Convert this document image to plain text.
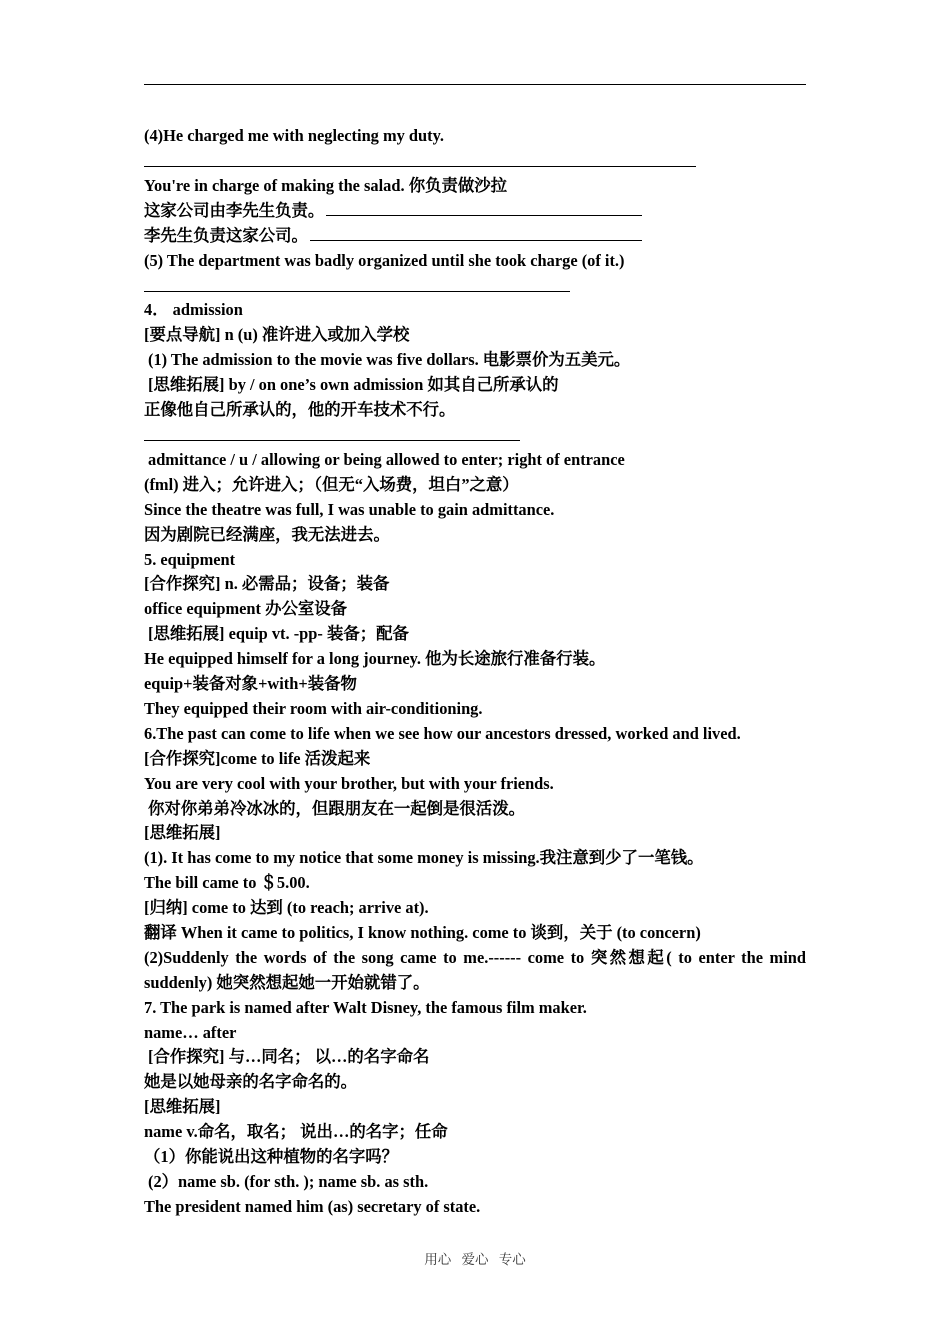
(4)He charged me with neglecting my duty.
You're in charge of making the salad. 你负责做沙拉
这家公司由李先生负责。
李先生负责这家公司。
(5) The department was badly organized until she took charge (of it.)
4． admission
[要点导航] n (u) 准许进入或加入学校
(1) The admission to the movie was five dollars. 电影票价为五美元。
[思维拓展] by / on one’s own admission 如其自己所承认的
正像他自己所承认的，他的开车技术不行。
admittance / u / allowing or being allowed to enter; right of entrance
(fml) 进入；允许进入；（但无“入场费，坦白”之意）
Since the theatre was full, I was unable to gain admittance.
因为剧院已经满座，我无法进去。
5. equipment
[合作探究] n. 必需品；设备；装备
office equipment 办公室设备
[思维拓展] equip vt. -pp- 装备；配备
He equipped himself for a long journey. 他为长途旅行准备行装。
equip+装备对象+with+装备物
They equipped their room with air-conditioning.
6.The past can come to life when we see how our ancestors dressed, worked and lived.
[合作探究]come to life 活泼起来
You are very cool with your brother, but with your friends.
你对你弟弟冷冰冰的，但跟朋友在一起倒是很活泼。
[思维拓展]
(1). It has come to my notice that some money is missing.我注意到少了一笔钱。
The bill came to ＄5.00.
[归纳] come to 达到 (to reach; arrive at).
翻译 When it came to politics, I know nothing. come to 谈到，关于 (to concern)
(2)Suddenly the words of the song came to me.------ come to 突然想起( to enter the mind
suddenly) 她突然想起她一开始就错了。
7. The park is named after Walt Disney, the famous film maker.
name… after
[合作探究] 与…同名； 以…的名字命名
她是以她母亲的名字命名的。
[思维拓展]
name v.命名，取名； 说出…的名字；任命
（1）你能说出这种植物的名字吗？
(2）name sb. (for sth. ); name sb. as sth.
The president named him (as) secretary of state.
用心 爱心 专心
